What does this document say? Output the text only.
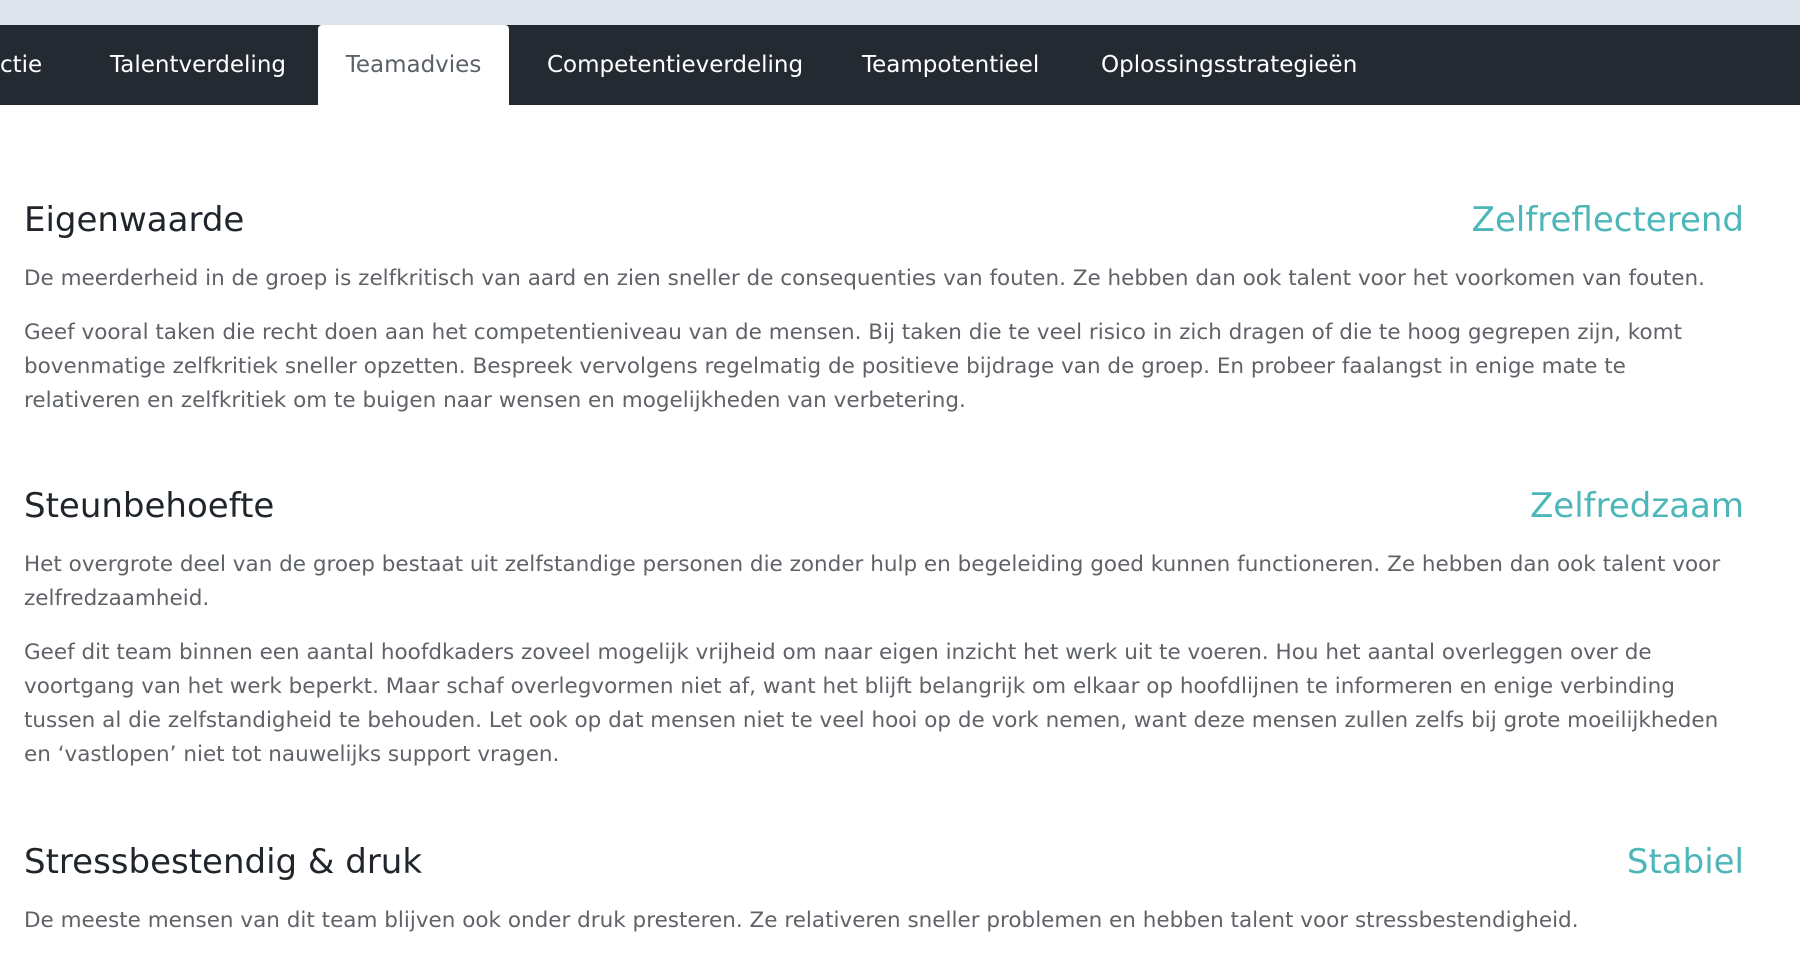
ctie	Talentverdeling	Teamadvies	Competentieverdeling	Teampotentieel	Oplossingsstrategieën
Eigenwaarde	Zelfreflecterend

De meerderheid in de groep is zelfkritisch van aard en zien sneller de consequenties van fouten. Ze hebben dan ook talent voor het voorkomen van fouten.

Geef vooral taken die recht doen aan het competentieniveau van de mensen. Bij taken die te veel risico in zich dragen of die te hoog gegrepen zijn, komt bovenmatige zelfkritiek sneller opzetten. Bespreek vervolgens regelmatig de positieve bijdrage van de groep. En probeer faalangst in enige mate te relativeren en zelfkritiek om te buigen naar wensen en mogelijkheden van verbetering.

Steunbehoefte	Zelfredzaam

Het overgrote deel van de groep bestaat uit zelfstandige personen die zonder hulp en begeleiding goed kunnen functioneren. Ze hebben dan ook talent voor zelfredzaamheid.

Geef dit team binnen een aantal hoofdkaders zoveel mogelijk vrijheid om naar eigen inzicht het werk uit te voeren. Hou het aantal overleggen over de voortgang van het werk beperkt. Maar schaf overlegvormen niet af, want het blijft belangrijk om elkaar op hoofdlijnen te informeren en enige verbinding tussen al die zelfstandigheid te behouden. Let ook op dat mensen niet te veel hooi op de vork nemen, want deze mensen zullen zelfs bij grote moeilijkheden en ‘vastlopen’ niet tot nauwelijks support vragen.

Stressbestendig & druk	Stabiel

De meeste mensen van dit team blijven ook onder druk presteren. Ze relativeren sneller problemen en hebben talent voor stressbestendigheid.
